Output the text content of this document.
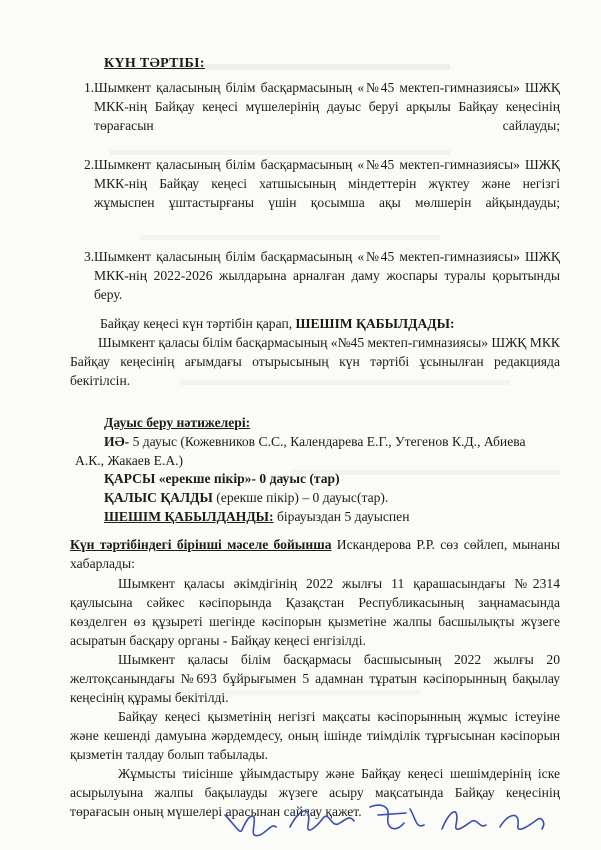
КҮН ТӘРТІБІ:
1. Шымкент қаласының білім басқармасының «№45 мектеп-гимназиясы» ШЖҚ МКК-нің Байқау кеңесі мүшелерінің дауыс беруі арқылы Байқау кеңесінің төрағасын сайлауды;
2. Шымкент қаласының білім басқармасының «№45 мектеп-гимназиясы» ШЖҚ МКК-нің Байқау кеңесі хатшысының міндеттерін жүктеу және негізгі жұмыспен ұштастырғаны үшін қосымша ақы мөлшерін айқындауды;
3. Шымкент қаласының білім басқармасының «№45 мектеп-гимназиясы» ШЖҚ МКК-нің 2022-2026 жылдарына арналған даму жоспары туралы қорытынды беру.
Байқау кеңесі күн тәртібін қарап, ШЕШІМ ҚАБЫЛДАДЫ:
Шымкент қаласы білім басқармасының «№45 мектеп-гимназиясы» ШЖҚ МКК Байқау кеңесінің ағымдағы отырысының күн тәртібі ұсынылған редакцияда бекітілсін.
Дауыс беру нәтижелері:
ИӘ- 5 дауыс (Кожевников С.С., Календарева Е.Г., Утегенов К.Д., Абиева
А.К., Жакаев Е.А.)
ҚАРСЫ «ерекше пікір»- 0 дауыс (тар)
ҚАЛЫС ҚАЛДЫ (ерекше пікір) – 0 дауыс(тар).
ШЕШІМ ҚАБЫЛДАНДЫ: бірауыздан 5 дауыспен
Күн тәртібіндегі бірінші мәселе бойынша Искандерова Р.Р. сөз сөйлеп, мынаны хабарлады:
Шымкент қаласы әкімдігінің 2022 жылғы 11 қарашасындағы №2314 қаулысына сәйкес кәсіпорында Қазақстан Республикасының заңнамасында көзделген өз құзыреті шегінде кәсіпорын қызметіне жалпы басшылықты жүзеге асыратын басқару органы - Байқау кеңесі енгізілді.
Шымкент қаласы білім басқармасы басшысының 2022 жылғы 20 желтоқсанындағы №693 бұйрығымен 5 адамнан тұратын кәсіпорынның бақылау кеңесінің құрамы бекітілді.
Байқау кеңесі қызметінің негізгі мақсаты кәсіпорынның жұмыс істеуіне және кешенді дамуына жәрдемдесу, оның ішінде тиімділік тұрғысынан кәсіпорын қызметін талдау болып табылады.
Жұмысты тиісінше ұйымдастыру және Байқау кеңесі шешімдерінің іске асырылуына жалпы бақылауды жүзеге асыру мақсатында Байқау кеңесінің төрағасын оның мүшелері арасынан сайлау қажет.
